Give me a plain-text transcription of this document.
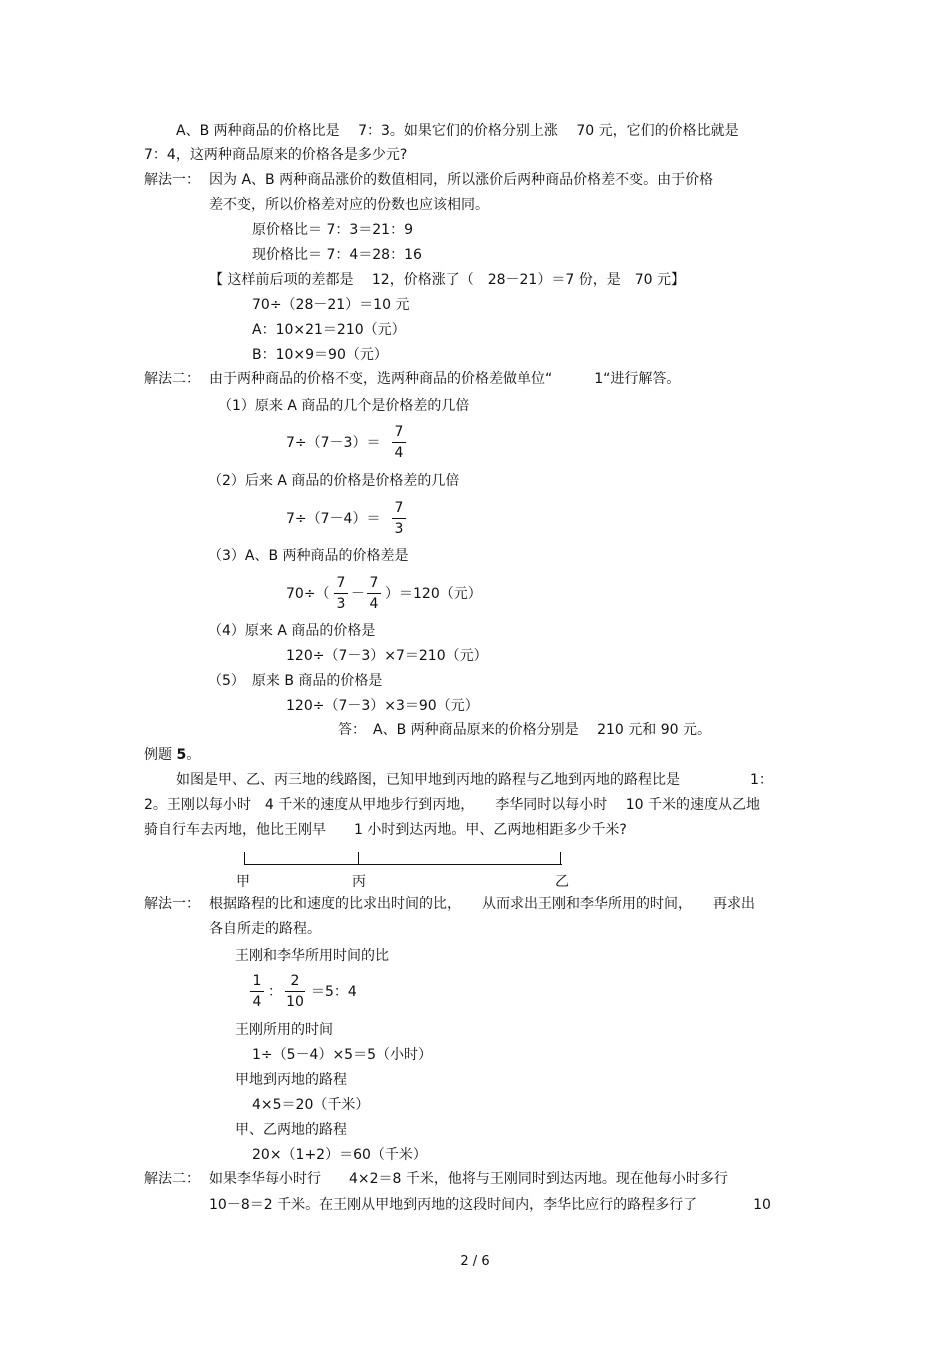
A、B 两种商品的价格比是　 7：3。如果它们的价格分别上涨　 70 元，它们的价格比就是
7：4，这两种商品原来的价格各是多少元?
解法一： 因为 A、B 两种商品涨价的数值相同，所以涨价后两种商品价格差不变。由于价格
差不变，所以价格差对应的份数也应该相同。
原价格比＝ 7：3＝21：9
现价格比＝ 7：4＝28：16
【 这样前后项的差都是　 12，价格涨了（　28－21）＝7 份，是　70 元】
70÷（28－21）＝10 元
A：10×21＝210（元）
B：10×9＝90（元）
解法二： 由于两种商品的价格不变，选两种商品的价格差做单位“　　　1“进行解答。
（1）原来 A 商品的几个是价格差的几倍
7÷（7－3）＝
7
4
（2）后来 A 商品的价格是价格差的几倍
7÷（7－4）＝
7
3
（3）A、B 两种商品的价格差是
70÷（
7
3
－
7
4
）＝120（元）
（4）原来 A 商品的价格是
120÷（7－3）×7＝210（元）
（5）　原来 B 商品的价格是
120÷（7－3）×3＝90（元）
答：　A、B 两种商品原来的价格分别是　 210 元和 90 元。
例题 5。
如图是甲、乙、丙三地的线路图，已知甲地到丙地的路程与乙地到丙地的路程比是　　　　　1：
2。王刚以每小时　4 千米的速度从甲地步行到丙地，　　李华同时以每小时　 10 千米的速度从乙地
骑自行车去丙地，他比王刚早　　1 小时到达丙地。甲、乙两地相距多少千米?
甲	丙	乙
解法一： 根据路程的比和速度的比求出时间的比，　　从而求出王刚和李华所用的时间，　　再求出
各自所走的路程。
王刚和李华所用时间的比
1
4
：
2
10
＝5：4
王刚所用的时间
1÷（5－4）×5＝5（小时）
甲地到丙地的路程
4×5＝20（千米）
甲、乙两地的路程
20×（1+2）＝60（千米）
解法二： 如果李华每小时行　　4×2＝8 千米，他将与王刚同时到达丙地。现在他每小时多行
10－8＝2 千米。在王刚从甲地到丙地的这段时间内，李华比应行的路程多行了　　　　10
2 / 6
